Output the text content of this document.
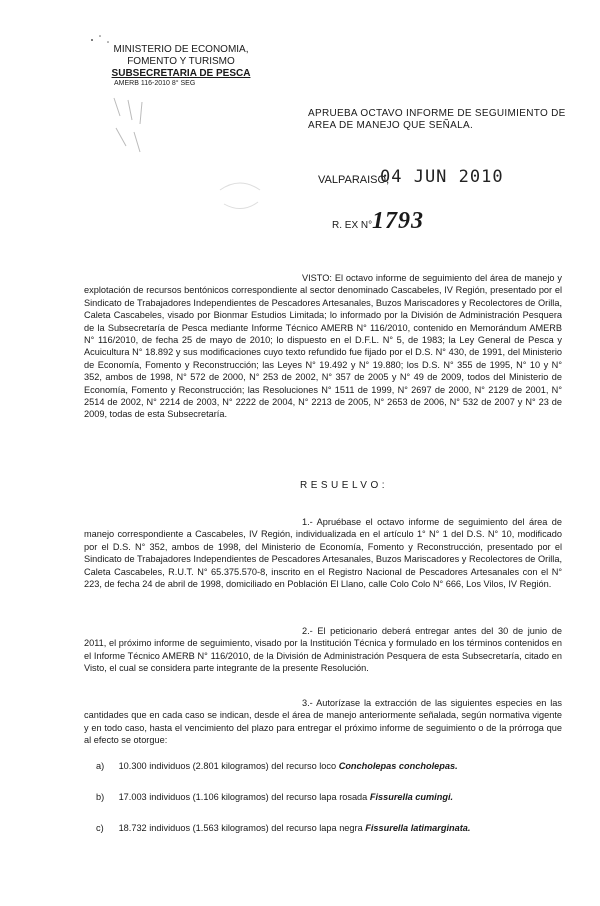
MINISTERIO DE ECONOMIA,
FOMENTO Y TURISMO
SUBSECRETARIA DE PESCA
AMERB 116-2010 8° SEG
APRUEBA OCTAVO INFORME DE SEGUIMIENTO DE AREA DE MANEJO QUE SEÑALA.
VALPARAISO,
04 JUN 2010
R. EX N° 1793
VISTO: El octavo informe de seguimiento del área de manejo y explotación de recursos bentónicos correspondiente al sector denominado Cascabeles, IV Región, presentado por el Sindicato de Trabajadores Independientes de Pescadores Artesanales, Buzos Mariscadores y Recolectores de Orilla, Caleta Cascabeles, visado por Bionmar Estudios Limitada; lo informado por la División de Administración Pesquera de la Subsecretaría de Pesca mediante Informe Técnico AMERB N° 116/2010, contenido en Memorándum AMERB N° 116/2010, de fecha 25 de mayo de 2010; lo dispuesto en el D.F.L. N° 5, de 1983; la Ley General de Pesca y Acuicultura N° 18.892 y sus modificaciones cuyo texto refundido fue fijado por el D.S. N° 430, de 1991, del Ministerio de Economía, Fomento y Reconstrucción; las Leyes N° 19.492 y N° 19.880; los D.S. N° 355 de 1995, N° 10 y N° 352, ambos de 1998, N° 572 de 2000, N° 253 de 2002, N° 357 de 2005 y N° 49 de 2009, todos del Ministerio de Economía, Fomento y Reconstrucción; las Resoluciones N° 1511 de 1999, N° 2697 de 2000, N° 2129 de 2001, N° 2514 de 2002, N° 2214 de 2003, N° 2222 de 2004, N° 2213 de 2005, N° 2653 de 2006, N° 532 de 2007 y N° 23 de 2009, todas de esta Subsecretaría.
RESUELVO:
1.- Apruébase el octavo informe de seguimiento del área de manejo correspondiente a Cascabeles, IV Región, individualizada en el artículo 1° N° 1 del D.S. N° 10, modificado por el D.S. N° 352, ambos de 1998, del Ministerio de Economía, Fomento y Reconstrucción, presentado por el Sindicato de Trabajadores Independientes de Pescadores Artesanales, Buzos Mariscadores y Recolectores de Orilla, Caleta Cascabeles, R.U.T. N° 65.375.570-8, inscrito en el Registro Nacional de Pescadores Artesanales con el N° 223, de fecha 24 de abril de 1998, domiciliado en Población El Llano, calle Colo Colo N° 666, Los Vilos, IV Región.
2.- El peticionario deberá entregar antes del 30 de junio de 2011, el próximo informe de seguimiento, visado por la Institución Técnica y formulado en los términos contenidos en el Informe Técnico AMERB N° 116/2010, de la División de Administración Pesquera de esta Subsecretaría, citado en Visto, el cual se considera parte integrante de la presente Resolución.
3.- Autorízase la extracción de las siguientes especies en las cantidades que en cada caso se indican, desde el área de manejo anteriormente señalada, según normativa vigente y en todo caso, hasta el vencimiento del plazo para entregar el próximo informe de seguimiento o de la prórroga que al efecto se otorgue:
a) 10.300 individuos (2.801 kilogramos) del recurso loco Concholepas concholepas.
b) 17.003 individuos (1.106 kilogramos) del recurso lapa rosada Fissurella cumingi.
c) 18.732 individuos (1.563 kilogramos) del recurso lapa negra Fissurella latimarginata.
